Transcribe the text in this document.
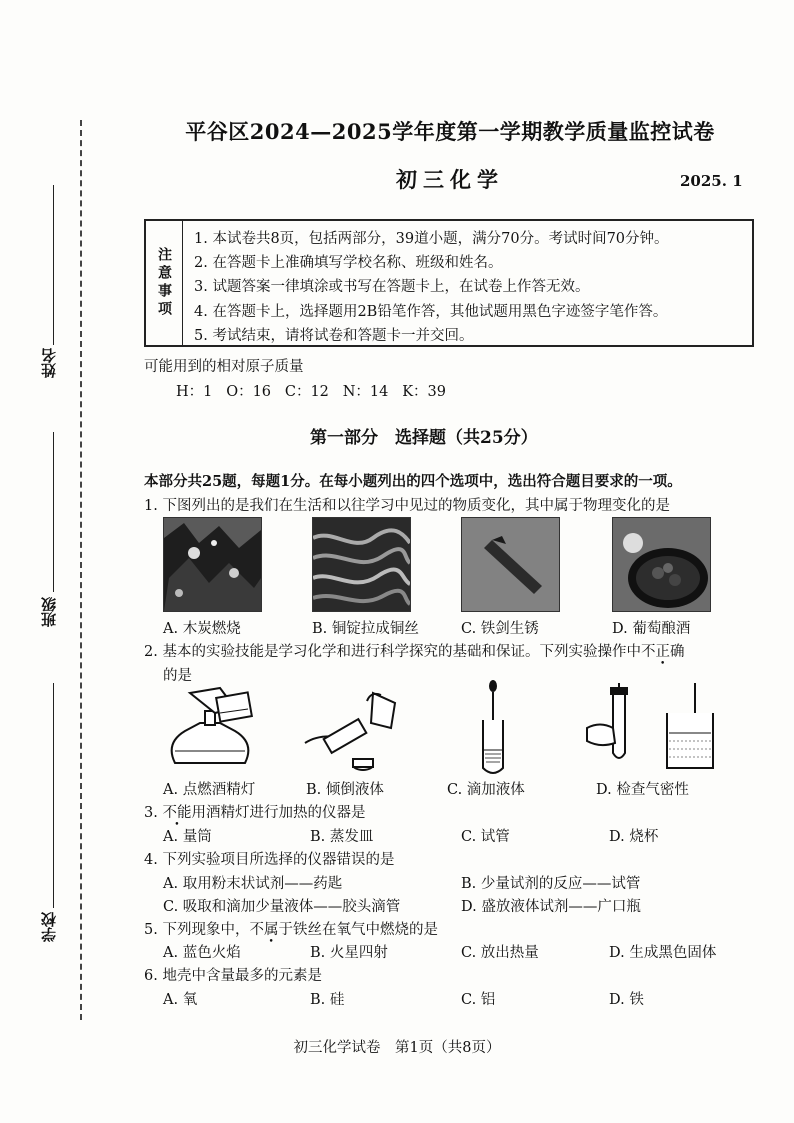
姓名
班级
学校
平谷区2024—2025学年度第一学期教学质量监控试卷
初三化学	2025. 1
注意事项
1. 本试卷共8页，包括两部分，39道小题，满分70分。考试时间70分钟。
2. 在答题卡上准确填写学校名称、班级和姓名。
3. 试题答案一律填涂或书写在答题卡上，在试卷上作答无效。
4. 在答题卡上，选择题用2B铅笔作答，其他试题用黑色字迹签字笔作答。
5. 考试结束，请将试卷和答题卡一并交回。
可能用到的相对原子质量
H：1   O：16   C：12   N：14   K：39
第一部分　选择题（共25分）
本部分共25题，每题1分。在每小题列出的四个选项中，选出符合题目要求的一项。
1. 下图列出的是我们在生活和以往学习中见过的物质变化，其中属于物理变化的是
A. 木炭燃烧	B. 铜锭拉成铜丝	C. 铁剑生锈	D. 葡萄酿酒
2. 基本的实验技能是学习化学和进行科学探究的基础和保证。下列实验操作中不正确
的是
A. 点燃酒精灯	B. 倾倒液体	C. 滴加液体	D. 检查气密性
3. 不能用酒精灯进行加热的仪器是
A. 量筒	B. 蒸发皿	C. 试管	D. 烧杯
4. 下列实验项目所选择的仪器错误的是
A. 取用粉末状试剂——药匙	B. 少量试剂的反应——试管
C. 吸取和滴加少量液体——胶头滴管	D. 盛放液体试剂——广口瓶
5. 下列现象中，不属于铁丝在氧气中燃烧的是
A. 蓝色火焰	B. 火星四射	C. 放出热量	D. 生成黑色固体
6. 地壳中含量最多的元素是
A. 氧	B. 硅	C. 铝	D. 铁
初三化学试卷　第1页（共8页）
